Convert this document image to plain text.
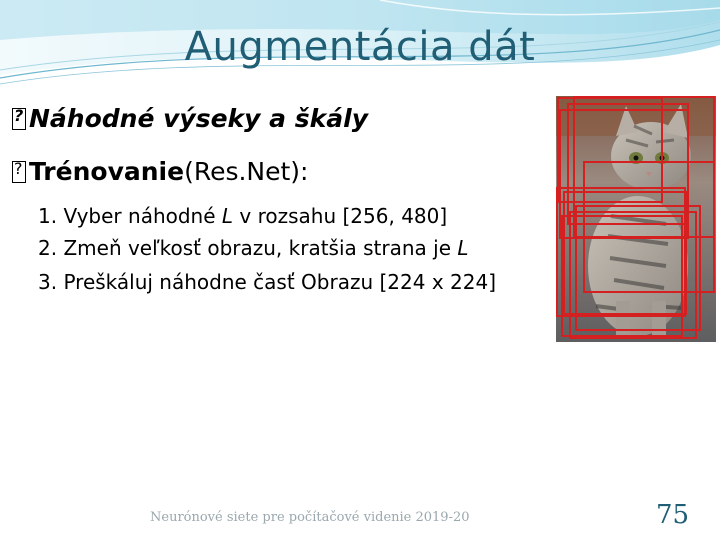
Augmentácia dát
?
Náhodné výseky a škály
?
Trénovanie (Res.Net):
1. Vyber náhodné L v rozsahu [256, 480]
2. Zmeň veľkosť obrazu, kratšia strana je L
3. Preškáluj náhodne časť Obrazu [224 x 224]
Neurónové siete pre počítačové videnie 2019-20	75
